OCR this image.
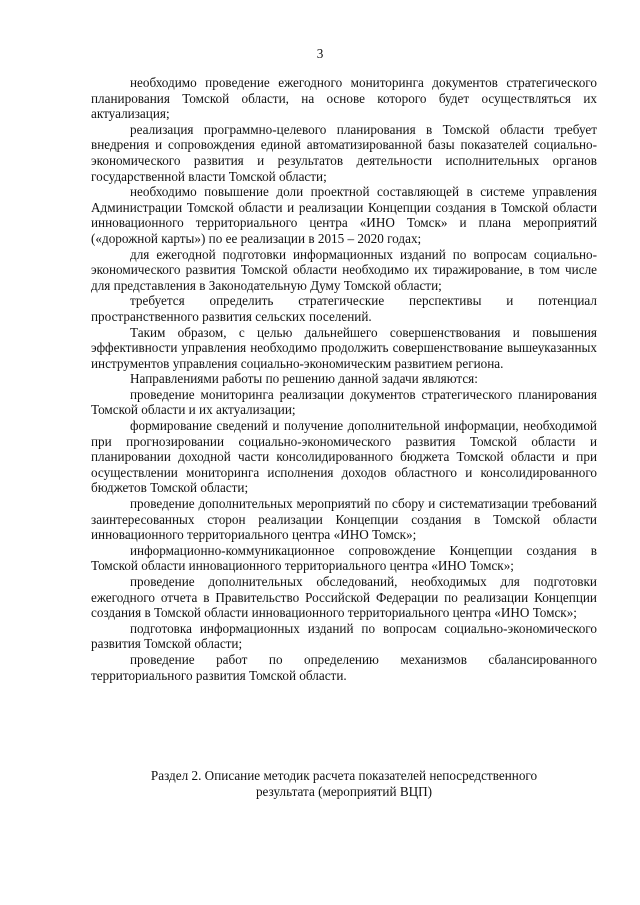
3

необходимо проведение ежегодного мониторинга документов стратегического планирования Томской области, на основе которого будет осуществляться их актуализация;

реализация программно-целевого планирования в Томской области требует внедрения и сопровождения единой автоматизированной базы показателей социально-экономического развития и результатов деятельности исполнительных органов государственной власти Томской области;

необходимо повышение доли проектной составляющей в системе управления Администрации Томской области и реализации Концепции создания в Томской области инновационного территориального центра «ИНО Томск» и плана мероприятий («дорожной карты») по ее реализации в 2015 – 2020 годах;

для ежегодной подготовки информационных изданий по вопросам социально-экономического развития Томской области необходимо их тиражирование, в том числе для представления в Законодательную Думу Томской области;

требуется определить стратегические перспективы и потенциал пространственного развития сельских поселений.

Таким образом, с целью дальнейшего совершенствования и повышения эффективности управления необходимо продолжить совершенствование вышеуказанных инструментов управления социально-экономическим развитием региона.

Направлениями работы по решению данной задачи являются:

проведение мониторинга реализации документов стратегического планирования Томской области и их актуализации;

формирование сведений и получение дополнительной информации, необходимой при прогнозировании социально-экономического развития Томской области и планировании доходной части консолидированного бюджета Томской области и при осуществлении мониторинга исполнения доходов областного и консолидированного бюджетов Томской области;

проведение дополнительных мероприятий по сбору и систематизации требований заинтересованных сторон реализации Концепции создания в Томской области инновационного территориального центра «ИНО Томск»;

информационно-коммуникационное сопровождение Концепции создания в Томской области инновационного территориального центра «ИНО Томск»;

проведение дополнительных обследований, необходимых для подготовки ежегодного отчета в Правительство Российской Федерации по реализации Концепции создания в Томской области инновационного территориального центра «ИНО Томск»;

подготовка информационных изданий по вопросам социально-экономического развития Томской области;

проведение работ по определению механизмов сбалансированного территориального развития Томской области.

Раздел 2. Описание методик расчета показателей непосредственного
результата (мероприятий ВЦП)
